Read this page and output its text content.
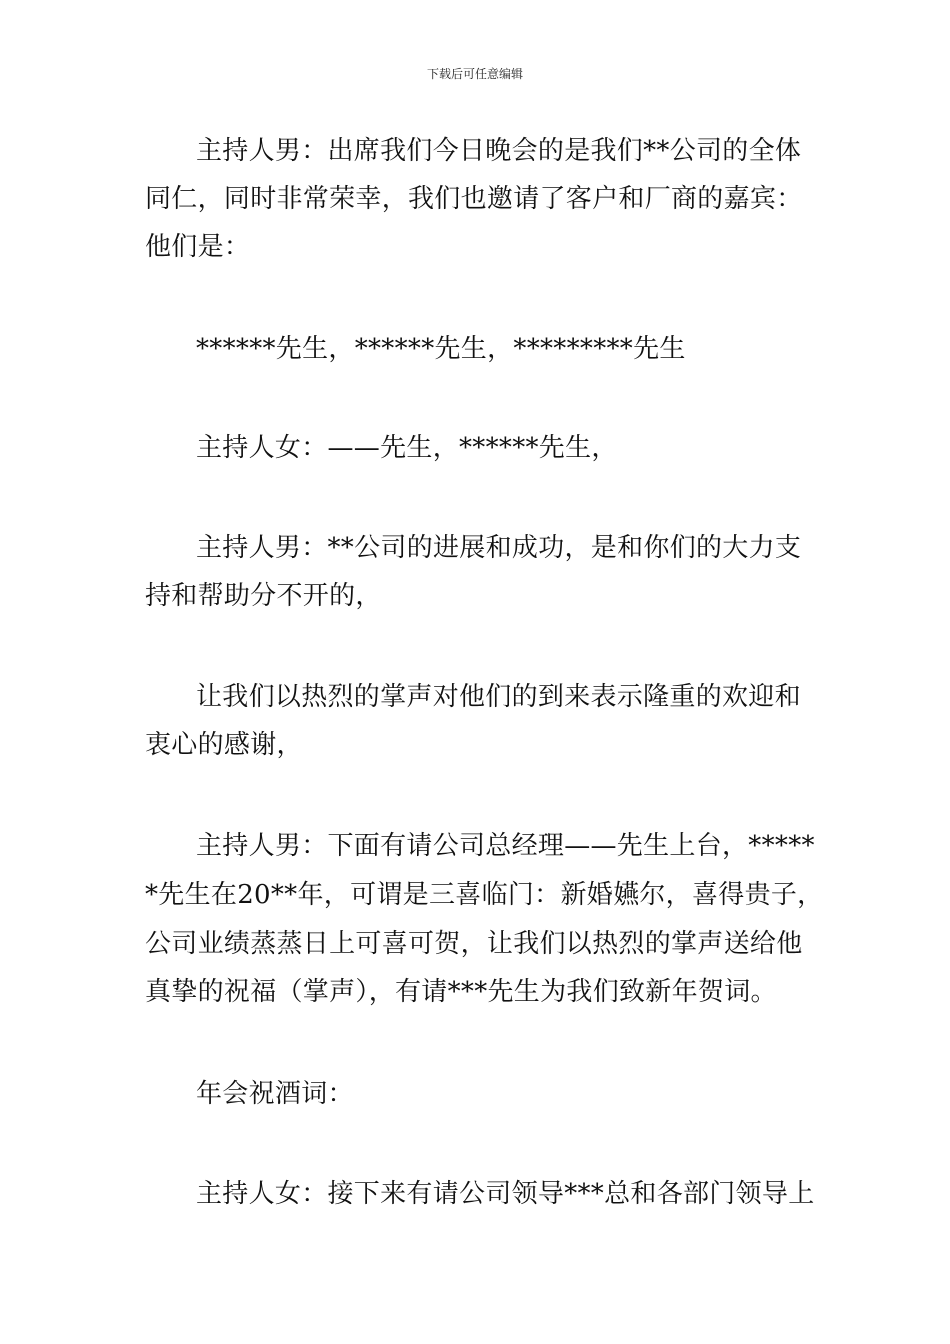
下载后可任意编辑
主持人男：出席我们今日晚会的是我们**公司的全体
同仁，同时非常荣幸，我们也邀请了客户和厂商的嘉宾：
他们是：
******先生，******先生，*********先生
主持人女：——先生，******先生，
主持人男：**公司的进展和成功，是和你们的大力支
持和帮助分不开的，
让我们以热烈的掌声对他们的到来表示隆重的欢迎和
衷心的感谢，
主持人男：下面有请公司总经理——先生上台，*****
*先生在20**年，可谓是三喜临门：新婚嬿尔，喜得贵子，
公司业绩蒸蒸日上可喜可贺，让我们以热烈的掌声送给他
真挚的祝福（掌声），有请***先生为我们致新年贺词。
年会祝酒词：
主持人女：接下来有请公司领导***总和各部门领导上
